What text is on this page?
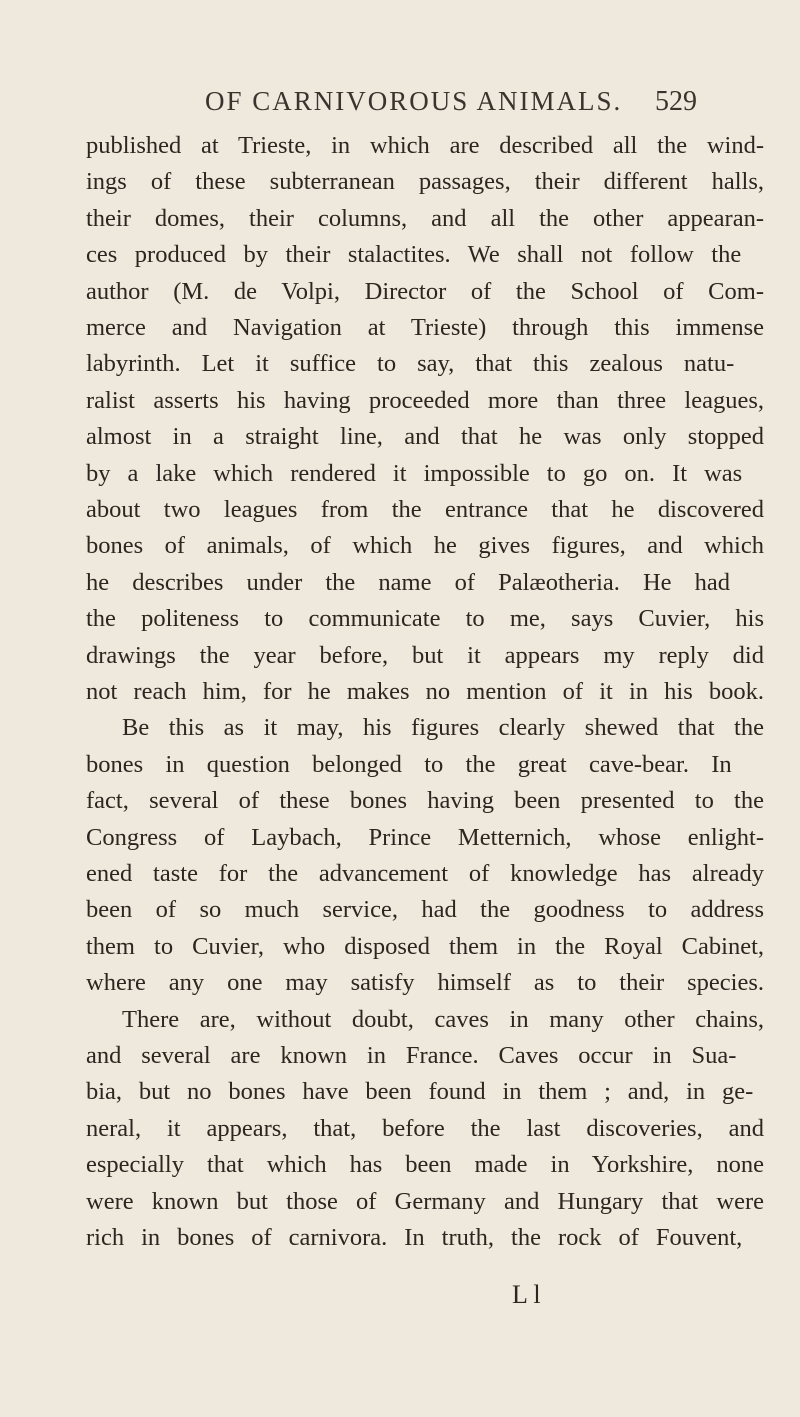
OF CARNIVOROUS ANIMALS. 529
published at Trieste, in which are described all the wind-
ings of these subterranean passages, their different halls,
their domes, their columns, and all the other appearan-
ces produced by their stalactites. We shall not follow the
author (M. de Volpi, Director of the School of Com-
merce and Navigation at Trieste) through this immense
labyrinth. Let it suffice to say, that this zealous natu-
ralist asserts his having proceeded more than three leagues,
almost in a straight line, and that he was only stopped
by a lake which rendered it impossible to go on. It was
about two leagues from the entrance that he discovered
bones of animals, of which he gives figures, and which
he describes under the name of Palæotheria. He had
the politeness to communicate to me, says Cuvier, his
drawings the year before, but it appears my reply did
not reach him, for he makes no mention of it in his book.
Be this as it may, his figures clearly shewed that the
bones in question belonged to the great cave-bear. In
fact, several of these bones having been presented to the
Congress of Laybach, Prince Metternich, whose enlight-
ened taste for the advancement of knowledge has already
been of so much service, had the goodness to address
them to Cuvier, who disposed them in the Royal Cabinet,
where any one may satisfy himself as to their species.
There are, without doubt, caves in many other chains,
and several are known in France. Caves occur in Sua-
bia, but no bones have been found in them ; and, in ge-
neral, it appears, that, before the last discoveries, and
especially that which has been made in Yorkshire, none
were known but those of Germany and Hungary that were
rich in bones of carnivora. In truth, the rock of Fouvent,
L l
